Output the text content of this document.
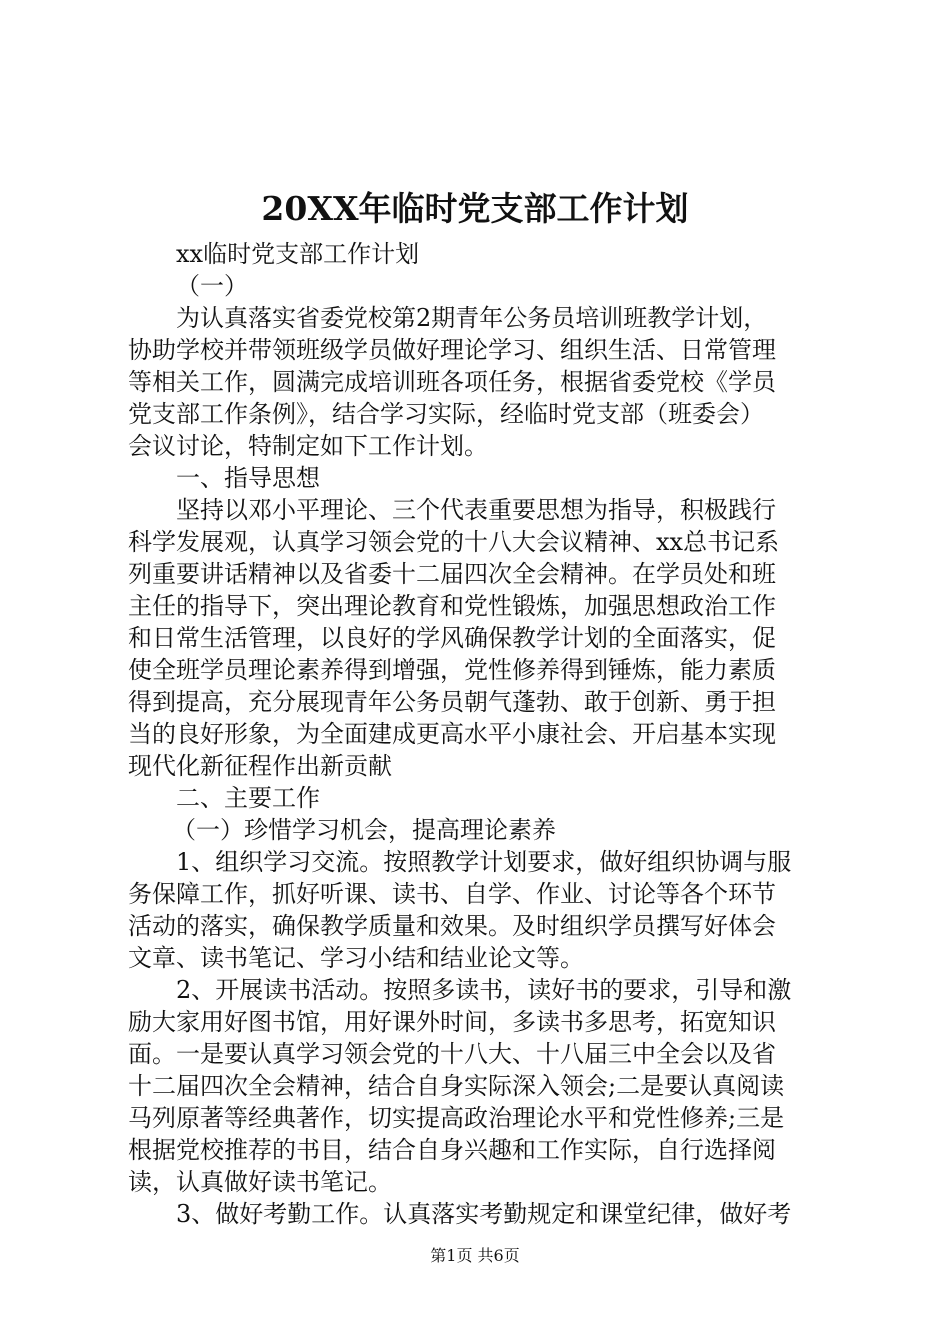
20XX年临时党支部工作计划
xx临时党支部工作计划
（一）
为认真落实省委党校第2期青年公务员培训班教学计划，
协助学校并带领班级学员做好理论学习、组织生活、日常管理
等相关工作，圆满完成培训班各项任务，根据省委党校《学员
党支部工作条例》，结合学习实际，经临时党支部（班委会）
会议讨论，特制定如下工作计划。
一、指导思想
坚持以邓小平理论、三个代表重要思想为指导，积极践行
科学发展观，认真学习领会党的十八大会议精神、xx总书记系
列重要讲话精神以及省委十二届四次全会精神。在学员处和班
主任的指导下，突出理论教育和党性锻炼，加强思想政治工作
和日常生活管理，以良好的学风确保教学计划的全面落实，促
使全班学员理论素养得到增强，党性修养得到锤炼，能力素质
得到提高，充分展现青年公务员朝气蓬勃、敢于创新、勇于担
当的良好形象，为全面建成更高水平小康社会、开启基本实现
现代化新征程作出新贡献
二、主要工作
（一）珍惜学习机会，提高理论素养
1、组织学习交流。按照教学计划要求，做好组织协调与服
务保障工作，抓好听课、读书、自学、作业、讨论等各个环节
活动的落实，确保教学质量和效果。及时组织学员撰写好体会
文章、读书笔记、学习小结和结业论文等。
2、开展读书活动。按照多读书，读好书的要求，引导和激
励大家用好图书馆，用好课外时间，多读书多思考，拓宽知识
面。一是要认真学习领会党的十八大、十八届三中全会以及省
十二届四次全会精神，结合自身实际深入领会;二是要认真阅读
马列原著等经典著作，切实提高政治理论水平和党性修养;三是
根据党校推荐的书目，结合自身兴趣和工作实际，自行选择阅
读，认真做好读书笔记。
3、做好考勤工作。认真落实考勤规定和课堂纪律，做好考
第1页 共6页
